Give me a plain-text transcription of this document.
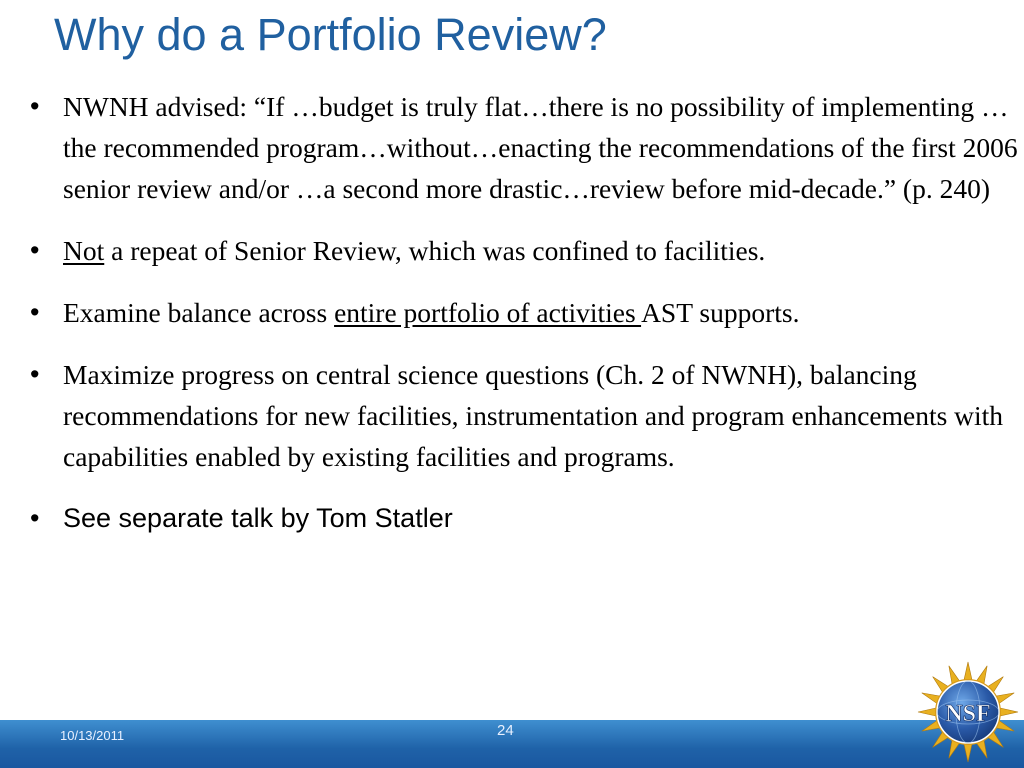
Why do a Portfolio Review?
• NWNH advised: “If …budget is truly flat…there is no possibility of implementing …the recommended program…without…enacting the recommendations of the first 2006 senior review and/or …a second more drastic…review before mid-decade.” (p. 240)
• Not a repeat of Senior Review, which was confined to facilities.
• Examine balance across entire portfolio of activities AST supports.
• Maximize progress on central science questions (Ch. 2 of NWNH), balancing recommendations for new facilities, instrumentation and program enhancements with capabilities enabled by existing facilities and programs.
• See separate talk by Tom Statler
10/13/2011	24
NSF
